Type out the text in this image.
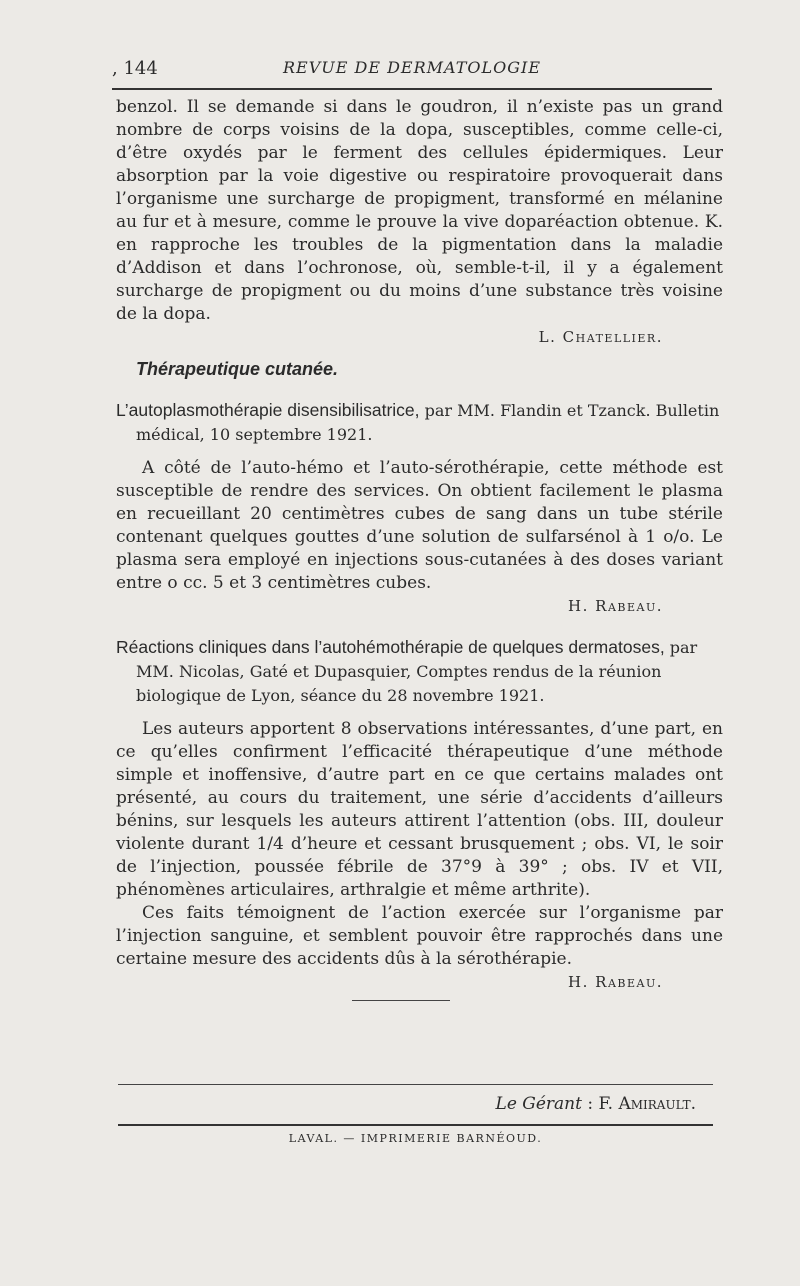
, 144	REVUE DE DERMATOLOGIE

benzol. Il se demande si dans le goudron, il n’existe pas un grand nombre de corps voisins de la dopa, susceptibles, comme celle-ci, d’être oxydés par le ferment des cellules épidermiques. Leur absorption par la voie digestive ou respiratoire provoquerait dans l’organisme une surcharge de propigment, transformé en mélanine au fur et à mesure, comme le prouve la vive doparéaction obtenue. K. en rapproche les troubles de la pigmentation dans la maladie d’Addison et dans l’ochronose, où, semble-t-il, il y a également surcharge de propigment ou du moins d’une substance très voisine de la dopa.

L. Chatellier.

Thérapeutique cutanée.

L’autoplasmothérapie disensibilisatrice, par MM. Flandin et Tzanck. Bulletin médical, 10 septembre 1921.

A côté de l’auto-hémo et l’auto-sérothérapie, cette méthode est susceptible de rendre des services. On obtient facilement le plasma en recueillant 20 centimètres cubes de sang dans un tube stérile contenant quelques gouttes d’une solution de sulfarsénol à 1 o/o. Le plasma sera employé en injections sous-cutanées à des doses variant entre o cc. 5 et 3 centimètres cubes.

H. Rabeau.

Réactions cliniques dans l’autohémothérapie de quelques dermatoses, par MM. Nicolas, Gaté et Dupasquier, Comptes rendus de la réunion biologique de Lyon, séance du 28 novembre 1921.

Les auteurs apportent 8 observations intéressantes, d’une part, en ce qu’elles confirment l’efficacité thérapeutique d’une méthode simple et inoffensive, d’autre part en ce que certains malades ont présenté, au cours du traitement, une série d’accidents d’ailleurs bénins, sur lesquels les auteurs attirent l’attention (obs. III, douleur violente durant 1/4 d’heure et cessant brusquement ; obs. VI, le soir de l’injection, poussée fébrile de 37°9 à 39° ; obs. IV et VII, phénomènes articulaires, arthralgie et même arthrite).

Ces faits témoignent de l’action exercée sur l’organisme par l’injection sanguine, et semblent pouvoir être rapprochés dans une certaine mesure des accidents dûs à la sérothérapie.

H. Rabeau.

Le Gérant : F. Amirault.
LAVAL. — IMPRIMERIE BARNÉOUD.
